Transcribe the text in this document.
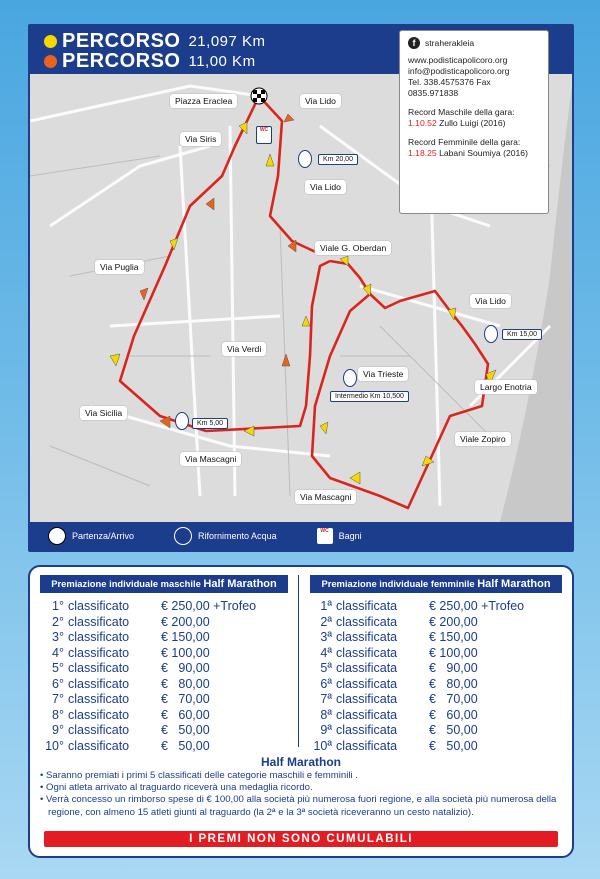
PERCORSO 21,097 Km
PERCORSO 11,00 Km
f	straherakleia
www.podisticapolicoro.org
info@podisticapolicoro.org
Tel. 338.4575376 Fax 0835.971838
Record Maschile della gara:
1.10.52 Zullo Luigi (2016)
Record Femminile della gara:
1.18.25 Labani Soumiya (2016)
Piazza Eraclea	Via Lido
Via Siris
Via Lido
Viale G. Oberdan
Via Puglia
Via Lido
Via Verdi
Via Trieste
Largo Enotria
Via Sicilia
Viale Zopiro
Via Mascagni
Via Mascagni
Km 20,00
Km 15,00
Intermedio Km 10,500
Km 5,00
WC
Partenza/Arrivo	Rifornimento Acqua	WC	Bagni
Premiazione individuale maschile Half Marathon	Premiazione individuale femminile Half Marathon
1° classificato	€ 250,00 +Trofeo
2° classificato	€ 200,00
3° classificato	€ 150,00
4° classificato	€ 100,00
5° classificato	€   90,00
6° classificato	€   80,00
7° classificato	€   70,00
8° classificato	€   60,00
9° classificato	€   50,00
10° classificato	€   50,00
1ª classificata	€ 250,00 +Trofeo
2ª classificata	€ 200,00
3ª classificata	€ 150,00
4ª classificata	€ 100,00
5ª classificata	€   90,00
6ª classificata	€   80,00
7ª classificata	€   70,00
8ª classificata	€   60,00
9ª classificata	€   50,00
10ª classificata	€   50,00
Half Marathon
• Saranno premiati i primi 5 classificati delle categorie maschili e femminili .
• Ogni atleta arrivato al traguardo riceverà una medaglia ricordo.
• Verrà concesso un rimborso spese di € 100,00 alla società più numerosa fuori regione, e alla società più numerosa della regione, con almeno 15 atleti giunti al traguardo (la 2ª e la 3ª società riceveranno un cesto natalizio).
I PREMI NON SONO CUMULABILI
